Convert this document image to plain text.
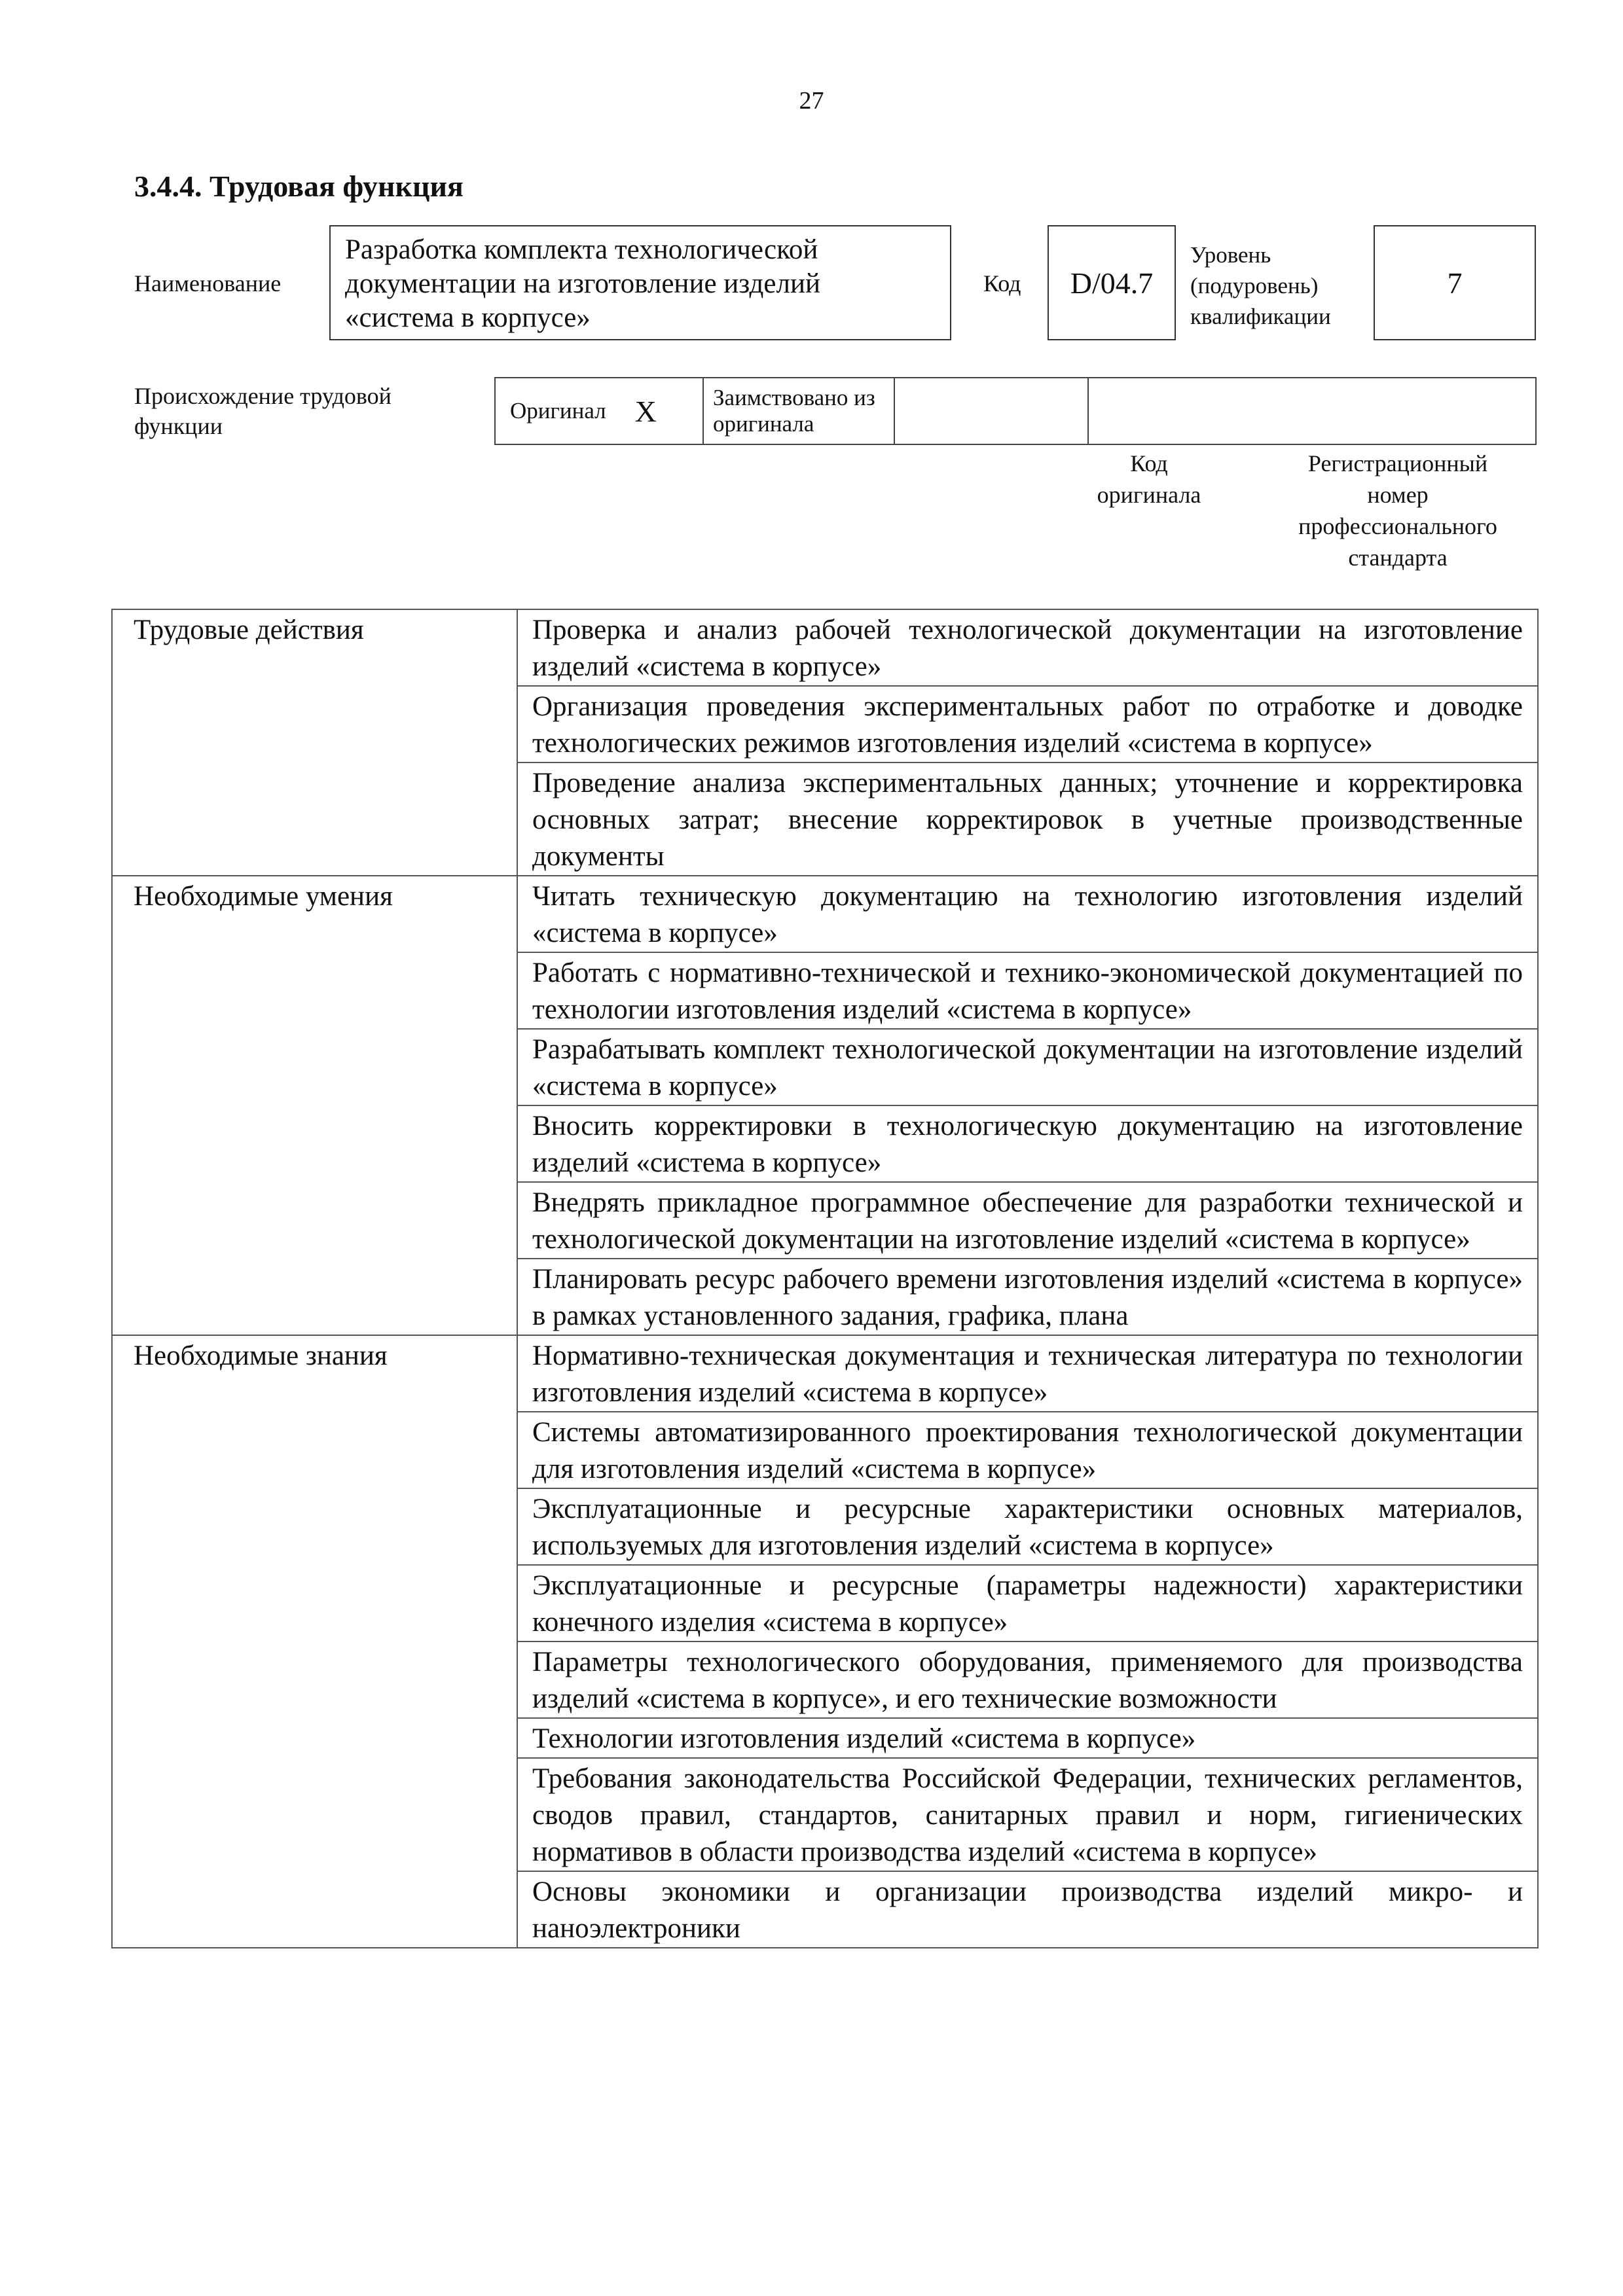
27
3.4.4. Трудовая функция
Наименование
Разработка комплекта технологической
документации на изготовление изделий
«система в корпусе»
Код D/04.7
Уровень
(подуровень)
квалификации
7
Происхождение трудовой
функции
Оригинал X Заимствовано из оригинала
Код
оригинала
Регистрационный
номер
профессионального
стандарта
Трудовые действия	Проверка и анализ рабочей технологической документации на изготовление изделий «система в корпусе»
	Организация проведения экспериментальных работ по отработке и доводке технологических режимов изготовления изделий «система в корпусе»
	Проведение анализа экспериментальных данных; уточнение и корректировка основных затрат; внесение корректировок в учетные производственные документы
Необходимые умения	Читать техническую документацию на технологию изготовления изделий «система в корпусе»
	Работать с нормативно-технической и технико-экономической документацией по технологии изготовления изделий «система в корпусе»
	Разрабатывать комплект технологической документации на изготовление изделий «система в корпусе»
	Вносить корректировки в технологическую документацию на изготовление изделий «система в корпусе»
	Внедрять прикладное программное обеспечение для разработки технической и технологической документации на изготовление изделий «система в корпусе»
	Планировать ресурс рабочего времени изготовления изделий «система в корпусе» в рамках установленного задания, графика, плана
Необходимые знания	Нормативно-техническая документация и техническая литература по технологии изготовления изделий «система в корпусе»
	Системы автоматизированного проектирования технологической документации для изготовления изделий «система в корпусе»
	Эксплуатационные и ресурсные характеристики основных материалов, используемых для изготовления изделий «система в корпусе»
	Эксплуатационные и ресурсные (параметры надежности) характеристики конечного изделия «система в корпусе»
	Параметры технологического оборудования, применяемого для производства изделий «система в корпусе», и его технические возможности
	Технологии изготовления изделий «система в корпусе»
	Требования законодательства Российской Федерации, технических регламентов, сводов правил, стандартов, санитарных правил и норм, гигиенических нормативов в области производства изделий «система в корпусе»
	Основы экономики и организации производства изделий микро- и наноэлектроники
